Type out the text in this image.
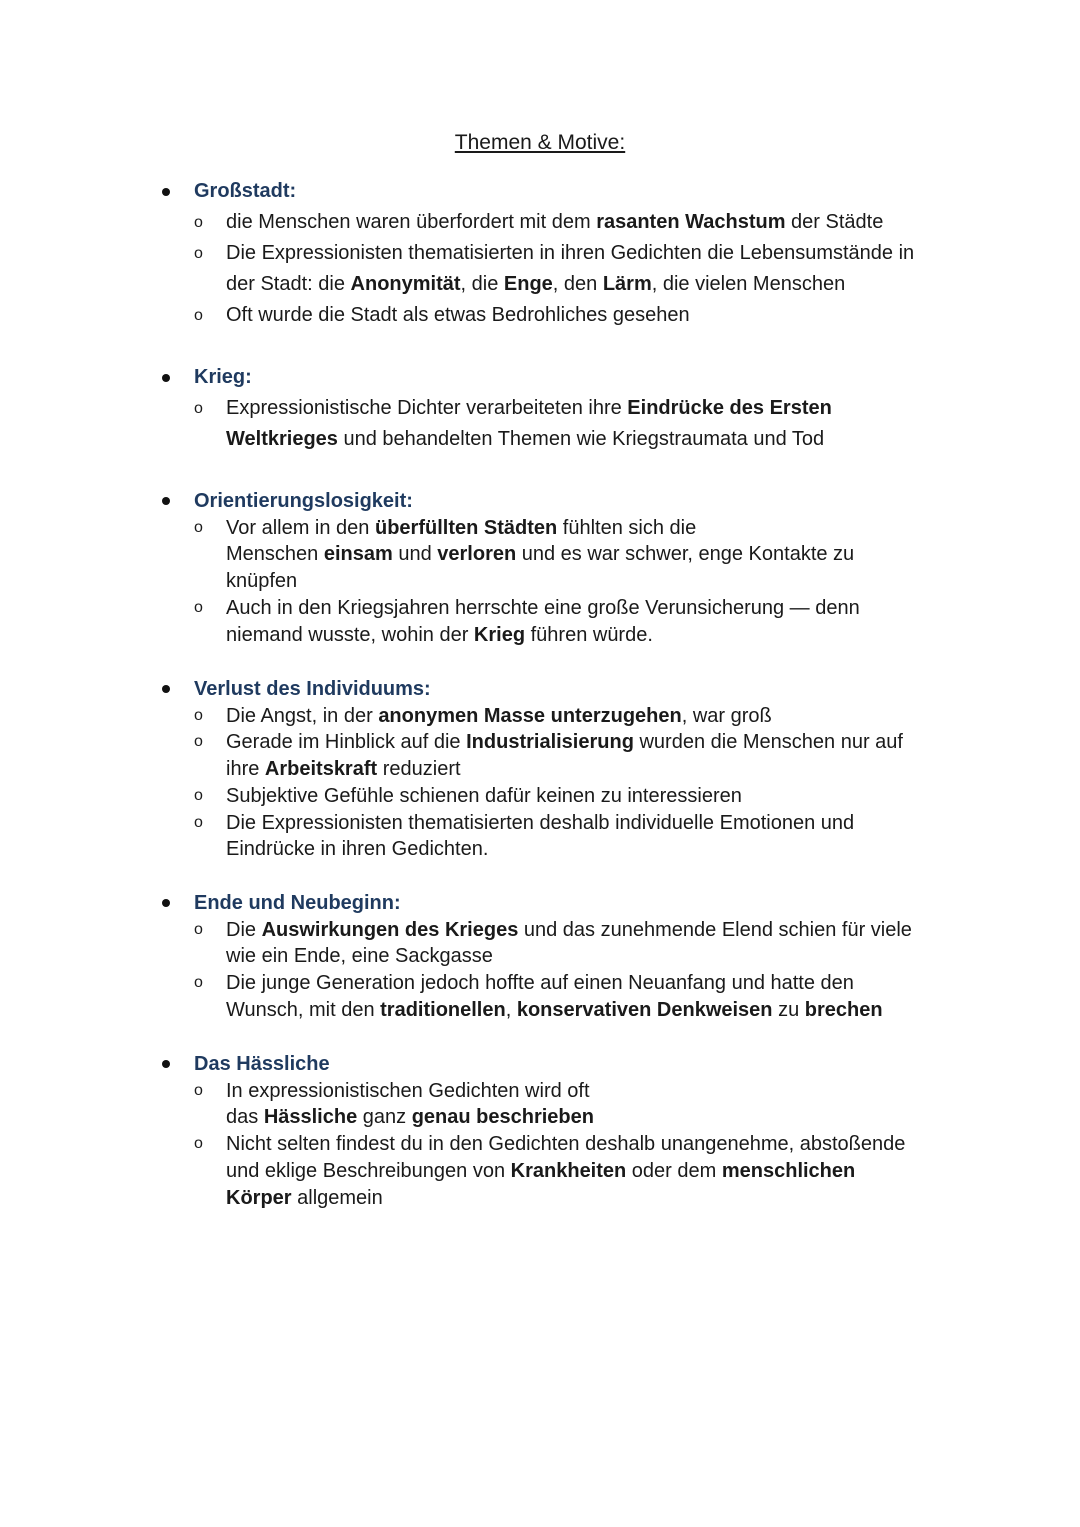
Themen & Motive:
Großstadt:
o die Menschen waren überfordert mit dem rasanten Wachstum der Städte
o Die Expressionisten thematisierten in ihren Gedichten die Lebensumstände in
der Stadt: die Anonymität, die Enge, den Lärm, die vielen Menschen
o Oft wurde die Stadt als etwas Bedrohliches gesehen
Krieg:
o Expressionistische Dichter verarbeiteten ihre Eindrücke des Ersten
Weltkrieges und behandelten Themen wie Kriegstraumata und Tod
Orientierungslosigkeit:
o Vor allem in den überfüllten Städten fühlten sich die
Menschen einsam und verloren und es war schwer, enge Kontakte zu
knüpfen
o Auch in den Kriegsjahren herrschte eine große Verunsicherung — denn
niemand wusste, wohin der Krieg führen würde.
Verlust des Individuums:
o Die Angst, in der anonymen Masse unterzugehen, war groß
o Gerade im Hinblick auf die Industrialisierung wurden die Menschen nur auf
ihre Arbeitskraft reduziert
o Subjektive Gefühle schienen dafür keinen zu interessieren
o Die Expressionisten thematisierten deshalb individuelle Emotionen und
Eindrücke in ihren Gedichten.
Ende und Neubeginn:
o Die Auswirkungen des Krieges und das zunehmende Elend schien für viele
wie ein Ende, eine Sackgasse
o Die junge Generation jedoch hoffte auf einen Neuanfang und hatte den
Wunsch, mit den traditionellen, konservativen Denkweisen zu brechen
Das Hässliche
o In expressionistischen Gedichten wird oft
das Hässliche ganz genau beschrieben
o Nicht selten findest du in den Gedichten deshalb unangenehme, abstoßende
und eklige Beschreibungen von Krankheiten oder dem menschlichen
Körper allgemein
